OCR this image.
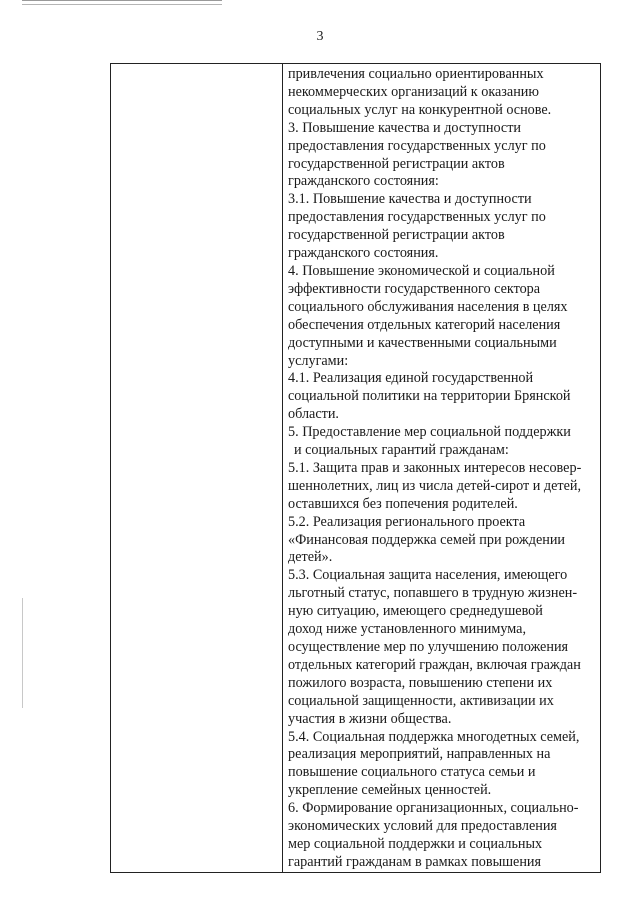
3

привлечения социально ориентированных

некоммерческих организаций к оказанию

социальных услуг на конкурентной основе.

3. Повышение качества и доступности

предоставления государственных услуг по

государственной регистрации актов

гражданского состояния:

3.1. Повышение качества и доступности

предоставления государственных услуг по

государственной регистрации актов

гражданского состояния.

4. Повышение экономической и социальной

эффективности государственного сектора

социального обслуживания населения в целях

обеспечения отдельных категорий населения

доступными и качественными социальными

услугами:

4.1. Реализация единой государственной

социальной политики на территории Брянской

области.

5. Предоставление мер социальной поддержки

и социальных гарантий гражданам:

5.1. Защита прав и законных интересов несовер-

шеннолетних, лиц из числа детей-сирот и детей,

оставшихся без попечения родителей.

5.2. Реализация регионального проекта

«Финансовая поддержка семей при рождении

детей».

5.3. Социальная защита населения, имеющего

льготный статус, попавшего в трудную жизнен-

ную ситуацию, имеющего среднедушевой

доход ниже установленного минимума,

осуществление мер по улучшению положения

отдельных категорий граждан, включая граждан

пожилого возраста, повышению степени их

социальной защищенности, активизации их

участия в жизни общества.

5.4. Социальная поддержка многодетных семей,

реализация мероприятий, направленных на

повышение социального статуса семьи и

укрепление семейных ценностей.

6. Формирование организационных, социально-

экономических условий для предоставления

мер социальной поддержки и социальных

гарантий гражданам в рамках повышения
